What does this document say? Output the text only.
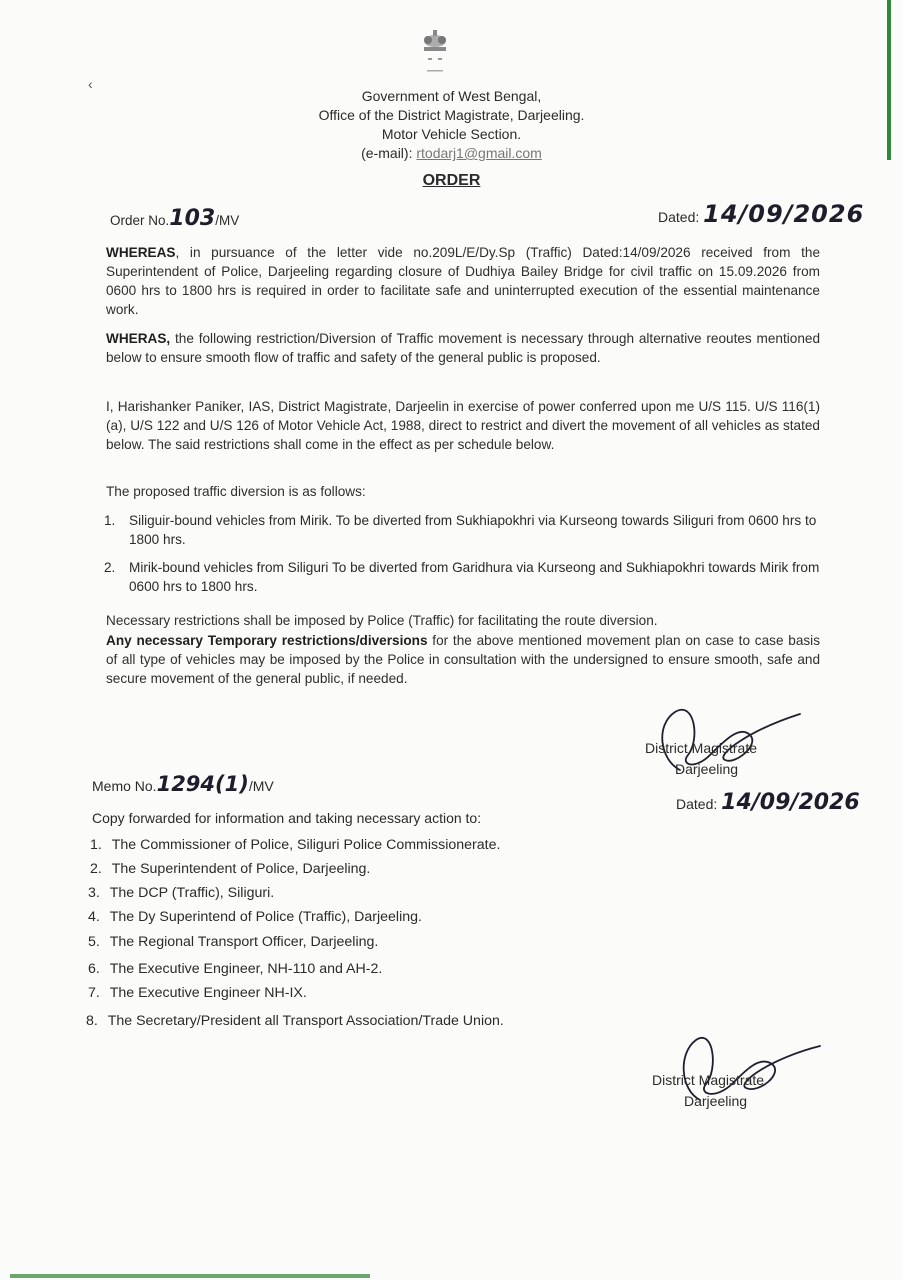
‹
Government of West Bengal,
Office of the District Magistrate, Darjeeling.
Motor Vehicle Section.
(e-mail): rtodarj1@gmail.com
ORDER
Order No.103/MV	Dated: 14/09/2026
WHEREAS, in pursuance of the letter vide no.209L/E/Dy.Sp (Traffic) Dated:14/09/2026 received from the Superintendent of Police, Darjeeling regarding closure of Dudhiya Bailey Bridge for civil traffic on 15.09.2026 from 0600 hrs to 1800 hrs is required in order to facilitate safe and uninterrupted execution of the essential maintenance work.
WHERAS, the following restriction/Diversion of Traffic movement is necessary through alternative reoutes mentioned below to ensure smooth flow of traffic and safety of the general public is proposed.
I, Harishanker Paniker, IAS, District Magistrate, Darjeelin in exercise of power conferred upon me U/S 115. U/S 116(1) (a), U/S 122 and U/S 126 of Motor Vehicle Act, 1988, direct to restrict and divert the movement of all vehicles as stated below. The said restrictions shall come in the effect as per schedule below.
The proposed traffic diversion is as follows:
1. Siliguir-bound vehicles from Mirik. To be diverted from Sukhiapokhri via Kurseong towards Siliguri from 0600 hrs to 1800 hrs.
2. Mirik-bound vehicles from Siliguri To be diverted from Garidhura via Kurseong and Sukhiapokhri towards Mirik from 0600 hrs to 1800 hrs.
Necessary restrictions shall be imposed by Police (Traffic) for facilitating the route diversion.
Any necessary Temporary restrictions/diversions for the above mentioned movement plan on case to case basis of all type of vehicles may be imposed by the Police in consultation with the undersigned to ensure smooth, safe and secure movement of the general public, if needed.
District Magistrate
Darjeeling
Memo No.1294(1)/MV
Dated: 14/09/2026
Copy forwarded for information and taking necessary action to:
1. The Commissioner of Police, Siliguri Police Commissionerate.
2. The Superintendent of Police, Darjeeling.
3. The DCP (Traffic), Siliguri.
4. The Dy Superintend of Police (Traffic), Darjeeling.
5. The Regional Transport Officer, Darjeeling.
6. The Executive Engineer, NH-110 and AH-2.
7. The Executive Engineer NH-IX.
8. The Secretary/President all Transport Association/Trade Union.
District Magistrate
Darjeeling
